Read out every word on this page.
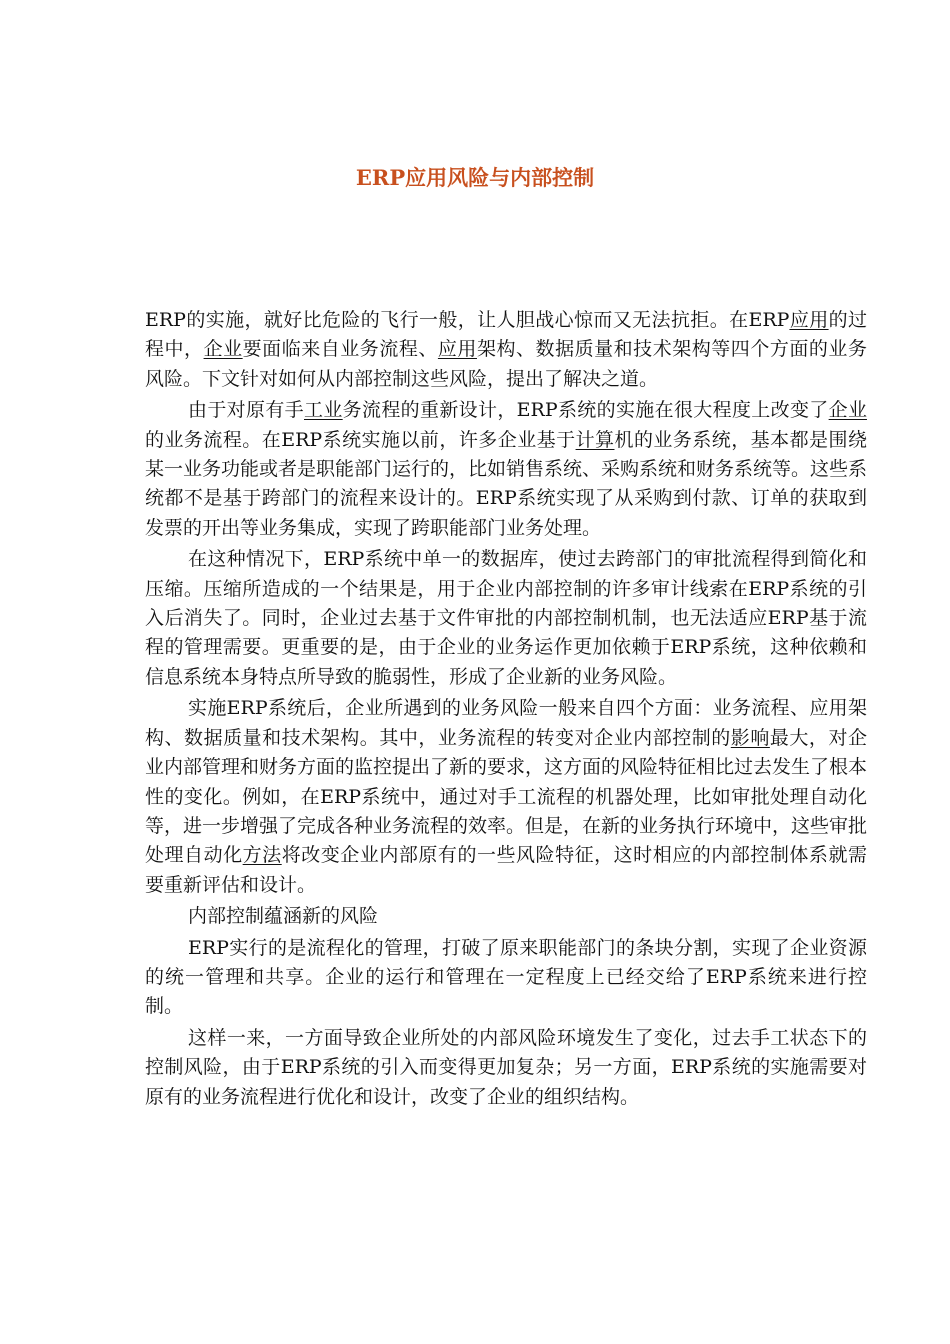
ERP应用风险与内部控制

ERP的实施，就好比危险的飞行一般，让人胆战心惊而又无法抗拒。在ERP应用的过程中，企业要面临来自业务流程、应用架构、数据质量和技术架构等四个方面的业务风险。下文针对如何从内部控制这些风险，提出了解决之道。

由于对原有手工业务流程的重新设计，ERP系统的实施在很大程度上改变了企业的业务流程。在ERP系统实施以前，许多企业基于计算机的业务系统，基本都是围绕某一业务功能或者是职能部门运行的，比如销售系统、采购系统和财务系统等。这些系统都不是基于跨部门的流程来设计的。ERP系统实现了从采购到付款、订单的获取到发票的开出等业务集成，实现了跨职能部门业务处理。

在这种情况下，ERP系统中单一的数据库，使过去跨部门的审批流程得到简化和压缩。压缩所造成的一个结果是，用于企业内部控制的许多审计线索在ERP系统的引入后消失了。同时，企业过去基于文件审批的内部控制机制，也无法适应ERP基于流程的管理需要。更重要的是，由于企业的业务运作更加依赖于ERP系统，这种依赖和信息系统本身特点所导致的脆弱性，形成了企业新的业务风险。

实施ERP系统后，企业所遇到的业务风险一般来自四个方面：业务流程、应用架构、数据质量和技术架构。其中，业务流程的转变对企业内部控制的影响最大，对企业内部管理和财务方面的监控提出了新的要求，这方面的风险特征相比过去发生了根本性的变化。例如，在ERP系统中，通过对手工流程的机器处理，比如审批处理自动化等，进一步增强了完成各种业务流程的效率。但是，在新的业务执行环境中，这些审批处理自动化方法将改变企业内部原有的一些风险特征，这时相应的内部控制体系就需要重新评估和设计。

内部控制蕴涵新的风险

ERP实行的是流程化的管理，打破了原来职能部门的条块分割，实现了企业资源的统一管理和共享。企业的运行和管理在一定程度上已经交给了ERP系统来进行控制。

这样一来，一方面导致企业所处的内部风险环境发生了变化，过去手工状态下的控制风险，由于ERP系统的引入而变得更加复杂；另一方面，ERP系统的实施需要对原有的业务流程进行优化和设计，改变了企业的组织结构。
